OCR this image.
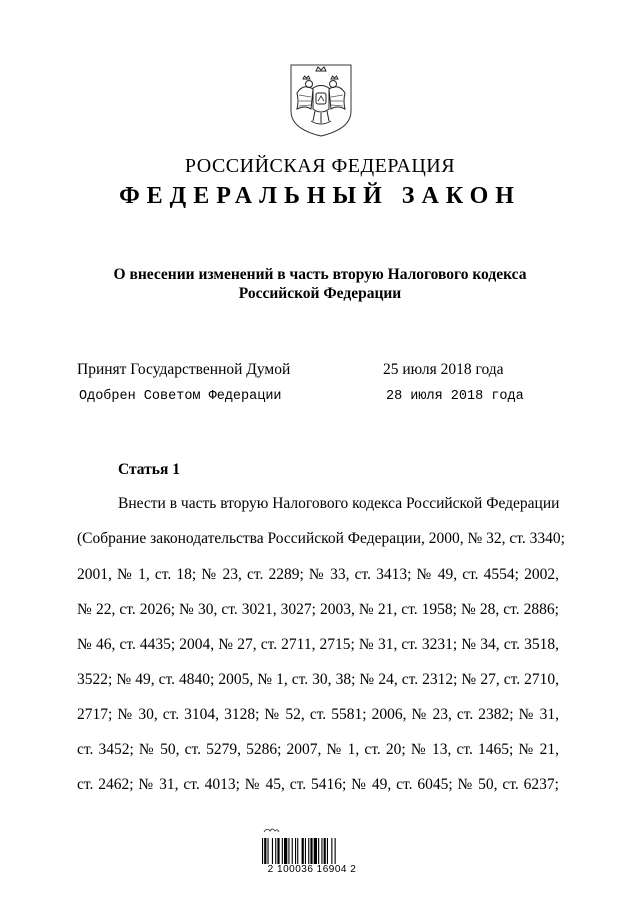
РОССИЙСКАЯ ФЕДЕРАЦИЯ
ФЕДЕРАЛЬНЫЙ ЗАКОН
О внесении изменений в часть вторую Налогового кодекса
Российской Федерации
Принят Государственной Думой	25 июля 2018 года
Одобрен Советом Федерации	28 июля 2018 года
Статья 1
Внести в часть вторую Налогового кодекса Российской Федерации
(Собрание законодательства Российской Федерации, 2000, № 32, ст. 3340;
2001, № 1, ст. 18; № 23, ст. 2289; № 33, ст. 3413; № 49, ст. 4554; 2002,
№ 22, ст. 2026; № 30, ст. 3021, 3027; 2003, № 21, ст. 1958; № 28, ст. 2886;
№ 46, ст. 4435; 2004, № 27, ст. 2711, 2715; № 31, ст. 3231; № 34, ст. 3518,
3522; № 49, ст. 4840; 2005, № 1, ст. 30, 38; № 24, ст. 2312; № 27, ст. 2710,
2717; № 30, ст. 3104, 3128; № 52, ст. 5581; 2006, № 23, ст. 2382; № 31,
ст. 3452; № 50, ст. 5279, 5286; 2007, № 1, ст. 20; № 13, ст. 1465; № 21,
ст. 2462; № 31, ст. 4013; № 45, ст. 5416; № 49, ст. 6045; № 50, ст. 6237;
2 100036 16904 2
